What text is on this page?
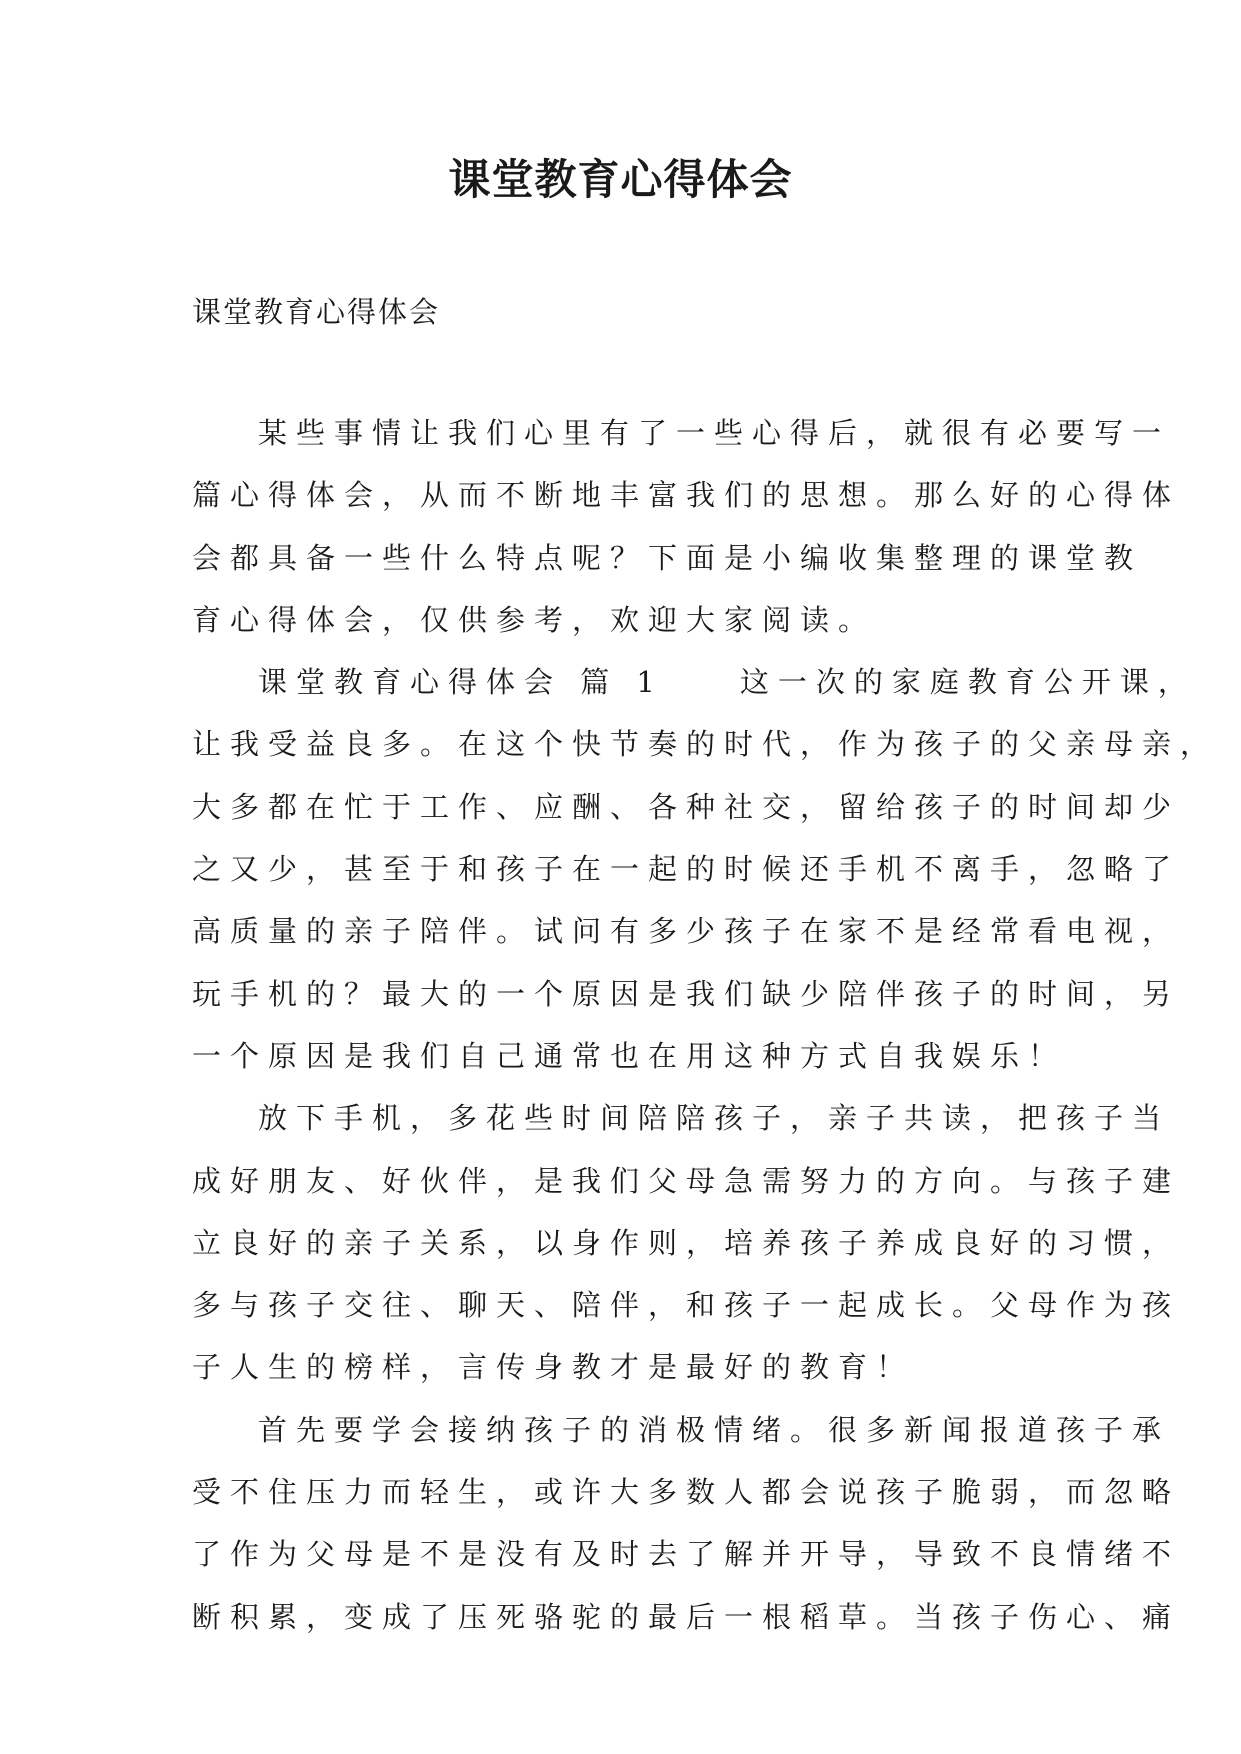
课堂教育心得体会

课堂教育心得体会

某些事情让我们心里有了一些心得后，就很有必要写一
篇心得体会，从而不断地丰富我们的思想。那么好的心得体
会都具备一些什么特点呢？下面是小编收集整理的课堂教
育心得体会，仅供参考，欢迎大家阅读。
课堂教育心得体会 篇 1　　这一次的家庭教育公开课，
让我受益良多。在这个快节奏的时代，作为孩子的父亲母亲，
大多都在忙于工作、应酬、各种社交，留给孩子的时间却少
之又少，甚至于和孩子在一起的时候还手机不离手，忽略了
高质量的亲子陪伴。试问有多少孩子在家不是经常看电视，
玩手机的？最大的一个原因是我们缺少陪伴孩子的时间，另
一个原因是我们自己通常也在用这种方式自我娱乐！
放下手机，多花些时间陪陪孩子，亲子共读，把孩子当
成好朋友、好伙伴，是我们父母急需努力的方向。与孩子建
立良好的亲子关系，以身作则，培养孩子养成良好的习惯，
多与孩子交往、聊天、陪伴，和孩子一起成长。父母作为孩
子人生的榜样，言传身教才是最好的教育！
首先要学会接纳孩子的消极情绪。很多新闻报道孩子承
受不住压力而轻生，或许大多数人都会说孩子脆弱，而忽略
了作为父母是不是没有及时去了解并开导，导致不良情绪不
断积累，变成了压死骆驼的最后一根稻草。当孩子伤心、痛
